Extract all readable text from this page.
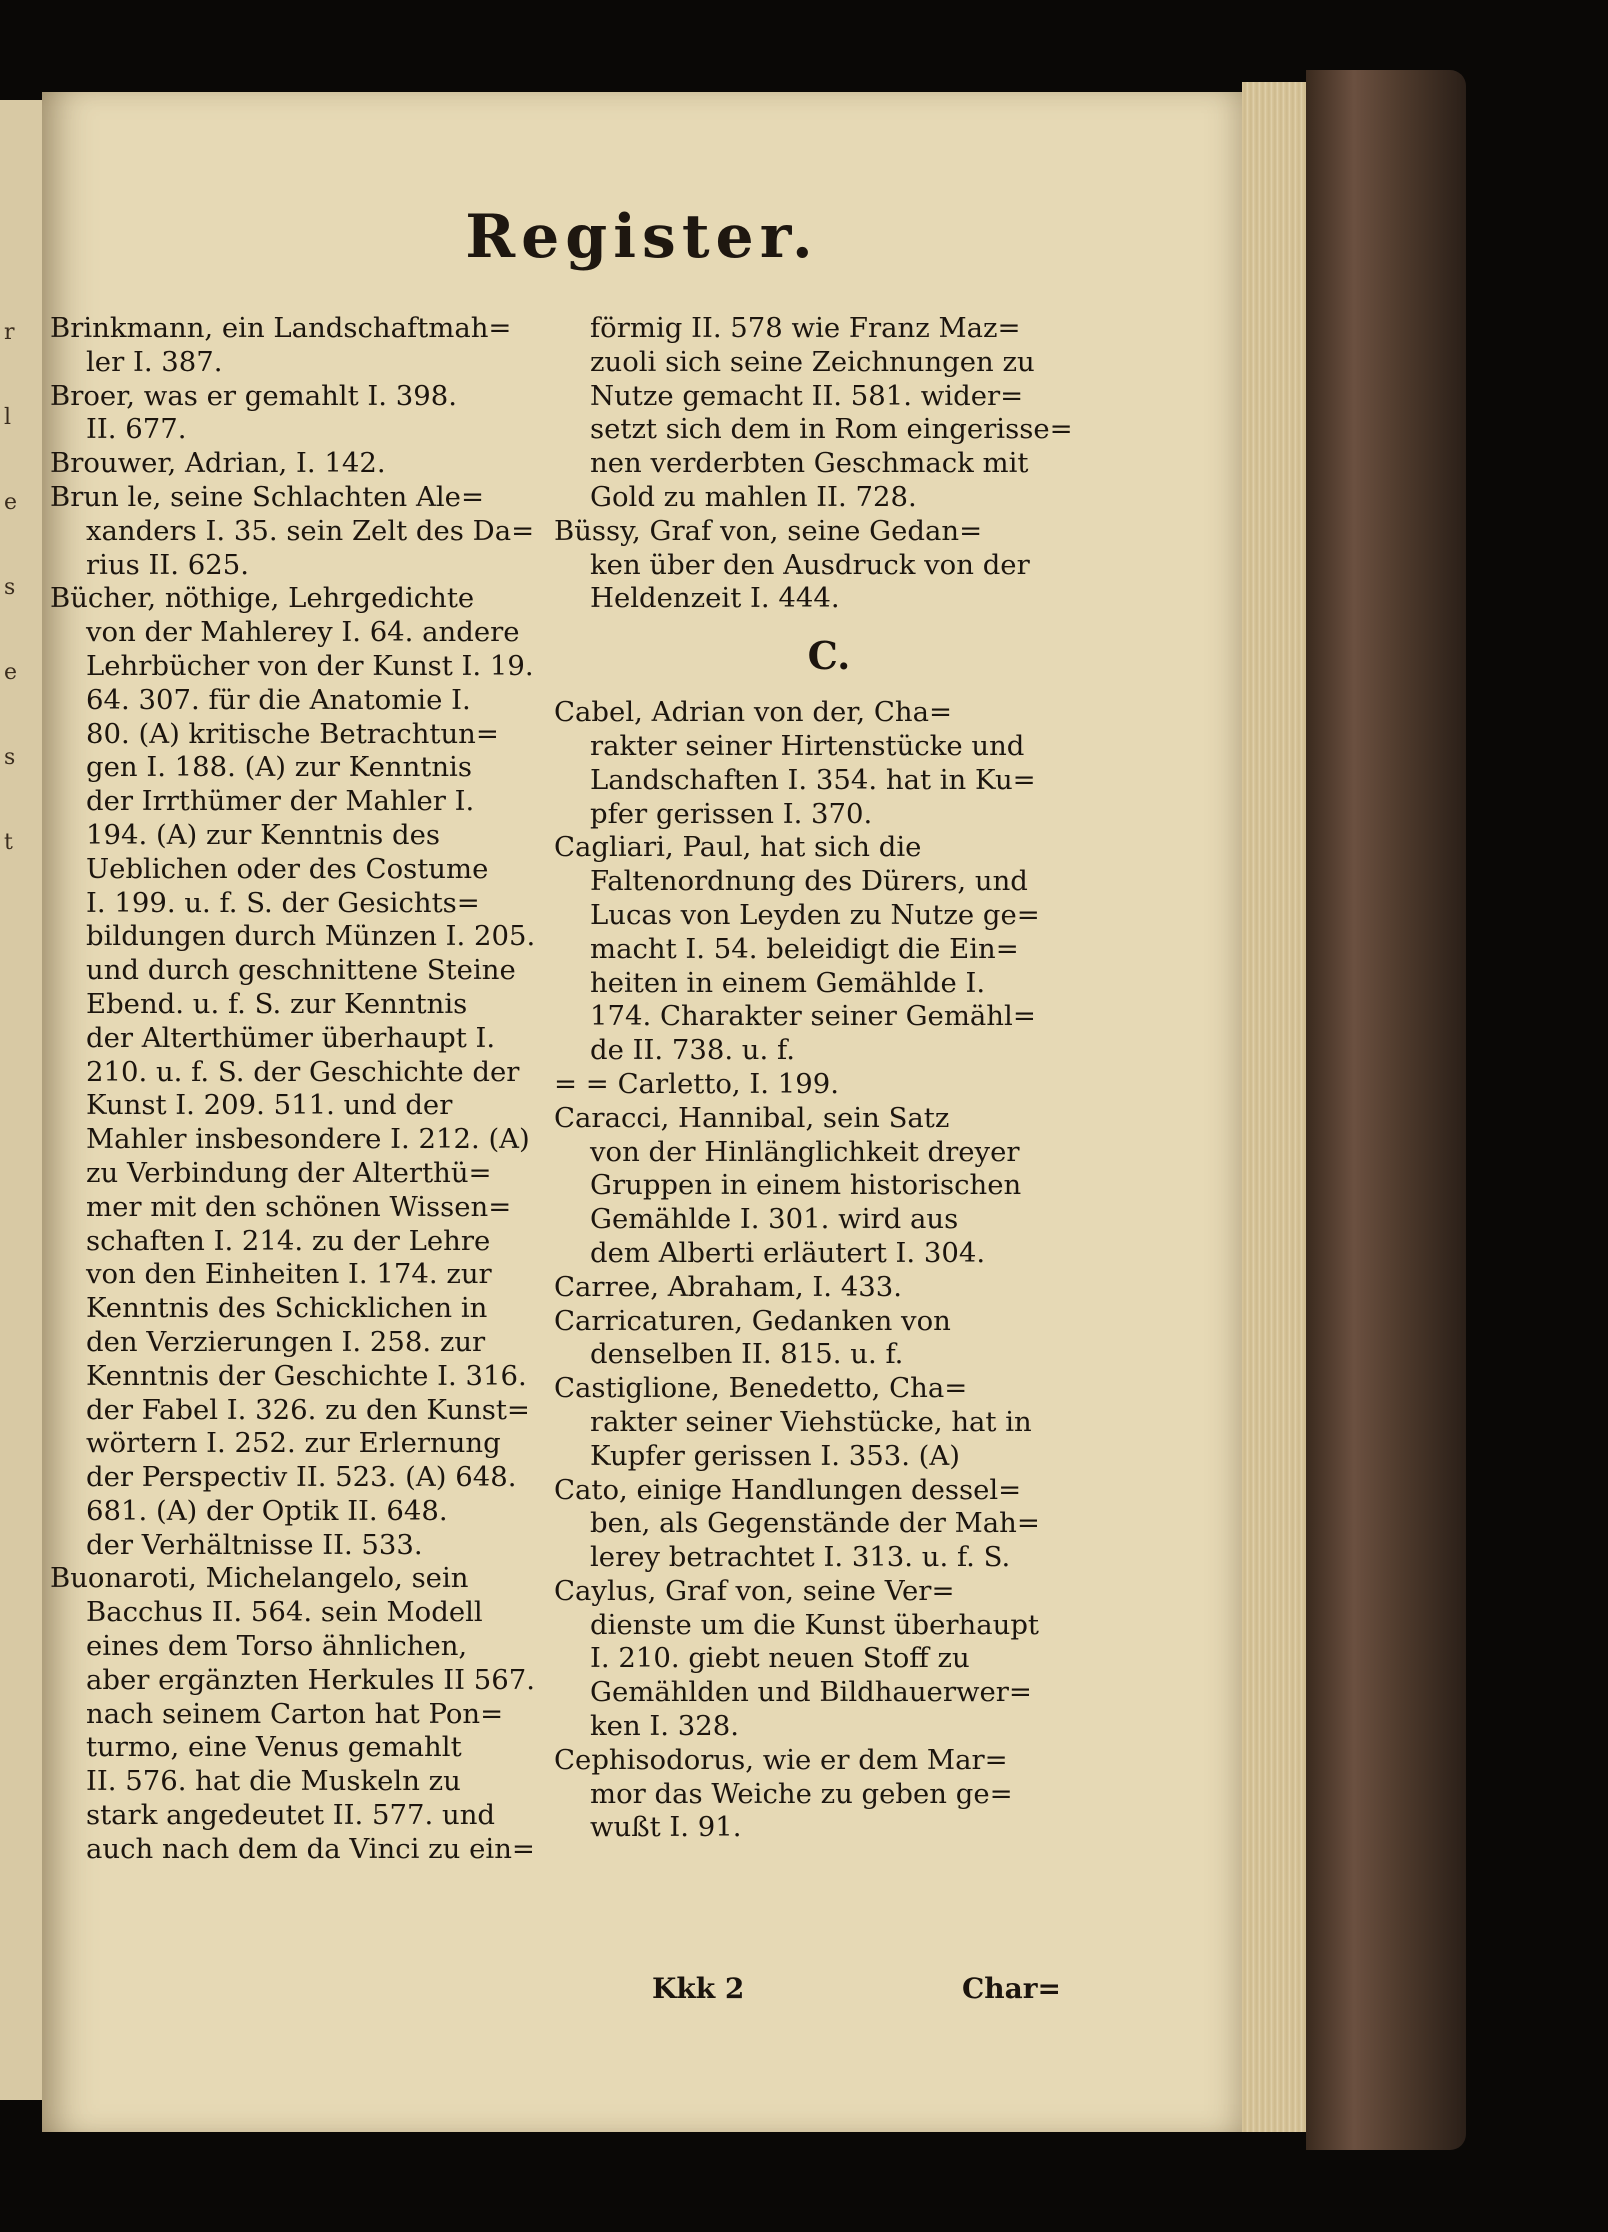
r
l
e
s
e
s
t
Register.
Brinkmann, ein Landschaftmah=
ler I. 387.
Broer, was er gemahlt I. 398.
II. 677.
Brouwer, Adrian, I. 142.
Brun le, seine Schlachten Ale=
xanders I. 35. sein Zelt des Da=
rius II. 625.
Bücher, nöthige, Lehrgedichte
von der Mahlerey I. 64. andere
Lehrbücher von der Kunst I. 19.
64. 307. für die Anatomie I.
80. (A) kritische Betrachtun=
gen I. 188. (A) zur Kenntnis
der Irrthümer der Mahler I.
194. (A) zur Kenntnis des
Ueblichen oder des Costume
I. 199. u. f. S. der Gesichts=
bildungen durch Münzen I. 205.
und durch geschnittene Steine
Ebend. u. f. S. zur Kenntnis
der Alterthümer überhaupt I.
210. u. f. S. der Geschichte der
Kunst I. 209. 511. und der
Mahler insbesondere I. 212. (A)
zu Verbindung der Alterthü=
mer mit den schönen Wissen=
schaften I. 214. zu der Lehre
von den Einheiten I. 174. zur
Kenntnis des Schicklichen in
den Verzierungen I. 258. zur
Kenntnis der Geschichte I. 316.
der Fabel I. 326. zu den Kunst=
wörtern I. 252. zur Erlernung
der Perspectiv II. 523. (A) 648.
681. (A) der Optik II. 648.
der Verhältnisse II. 533.
Buonaroti, Michelangelo, sein
Bacchus II. 564. sein Modell
eines dem Torso ähnlichen,
aber ergänzten Herkules II 567.
nach seinem Carton hat Pon=
turmo, eine Venus gemahlt
II. 576. hat die Muskeln zu
stark angedeutet II. 577. und
auch nach dem da Vinci zu ein=
förmig II. 578 wie Franz Maz=
zuoli sich seine Zeichnungen zu
Nutze gemacht II. 581. wider=
setzt sich dem in Rom eingerisse=
nen verderbten Geschmack mit
Gold zu mahlen II. 728.
Büssy, Graf von, seine Gedan=
ken über den Ausdruck von der
Heldenzeit I. 444.
C.
Cabel, Adrian von der, Cha=
rakter seiner Hirtenstücke und
Landschaften I. 354. hat in Ku=
pfer gerissen I. 370.
Cagliari, Paul, hat sich die
Faltenordnung des Dürers, und
Lucas von Leyden zu Nutze ge=
macht I. 54. beleidigt die Ein=
heiten in einem Gemählde I.
174. Charakter seiner Gemähl=
de II. 738. u. f.
= = Carletto, I. 199.
Caracci, Hannibal, sein Satz
von der Hinlänglichkeit dreyer
Gruppen in einem historischen
Gemählde I. 301. wird aus
dem Alberti erläutert I. 304.
Carree, Abraham, I. 433.
Carricaturen, Gedanken von
denselben II. 815. u. f.
Castiglione, Benedetto, Cha=
rakter seiner Viehstücke, hat in
Kupfer gerissen I. 353. (A)
Cato, einige Handlungen dessel=
ben, als Gegenstände der Mah=
lerey betrachtet I. 313. u. f. S.
Caylus, Graf von, seine Ver=
dienste um die Kunst überhaupt
I. 210. giebt neuen Stoff zu
Gemählden und Bildhauerwer=
ken I. 328.
Cephisodorus, wie er dem Mar=
mor das Weiche zu geben ge=
wußt I. 91.
Kkk 2	Char=
